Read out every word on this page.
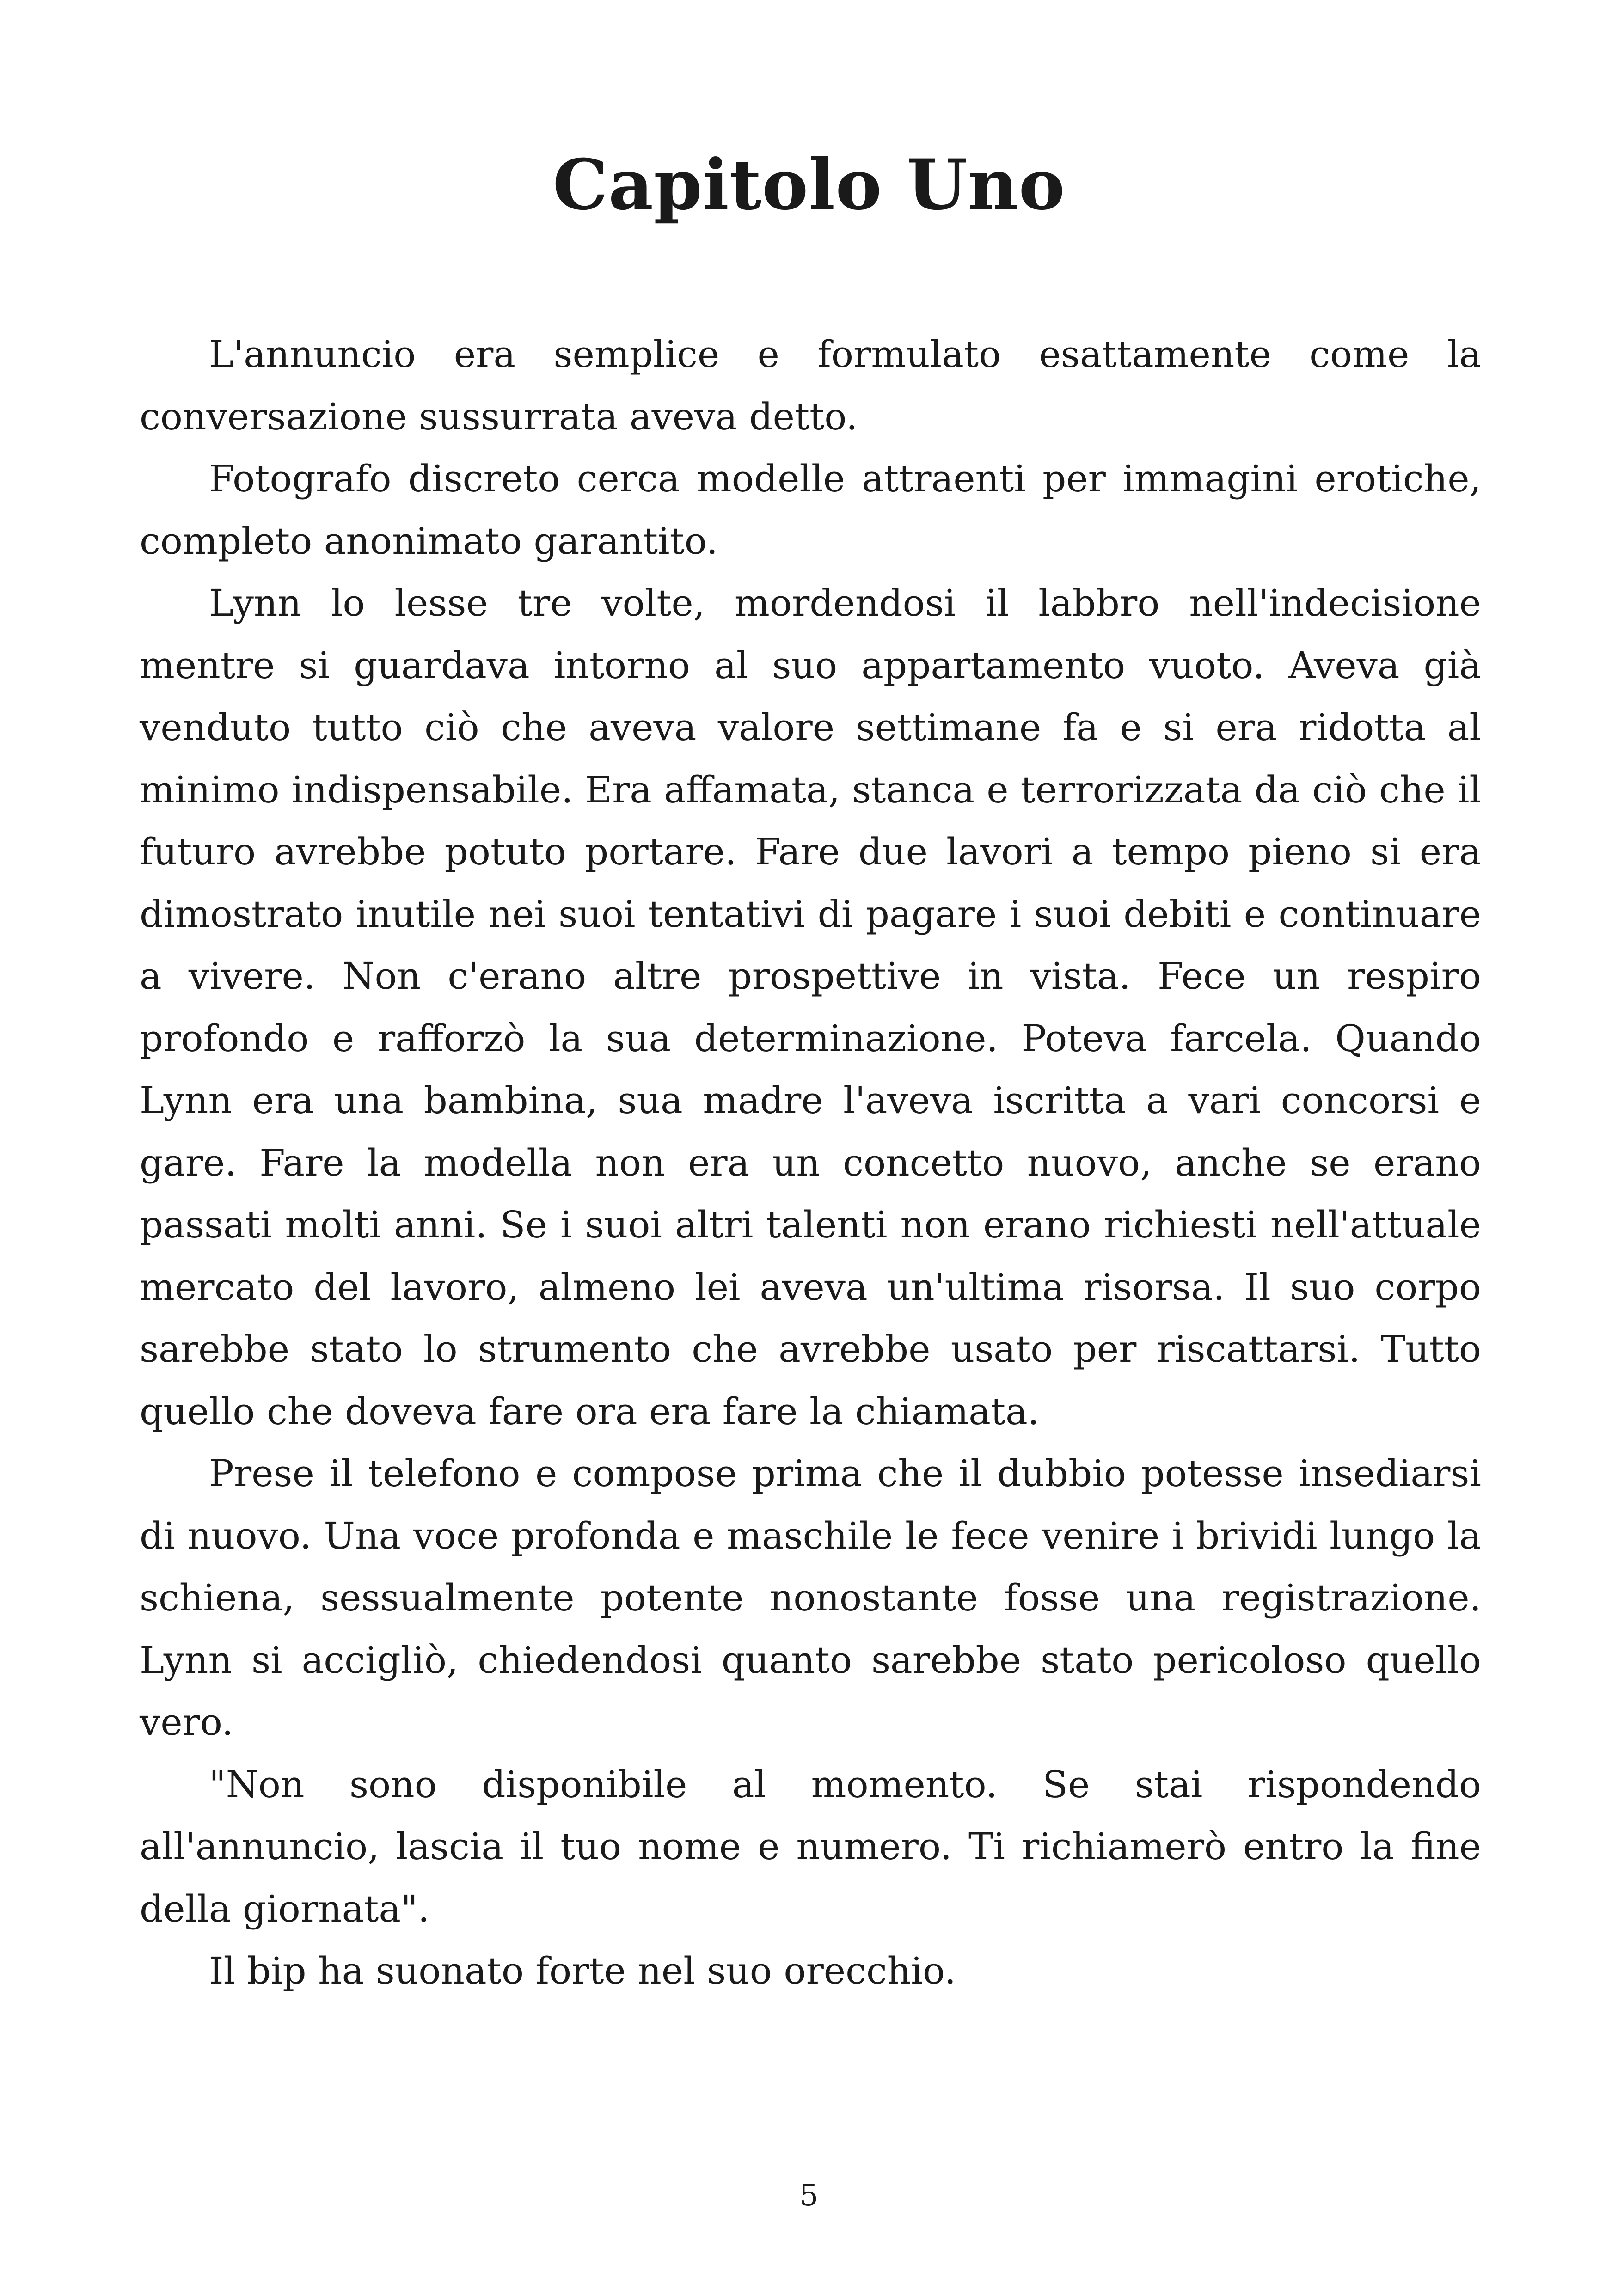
Capitolo Uno

L'annuncio era semplice e formulato esattamente come la conversazione sussurrata aveva detto.

Fotografo discreto cerca modelle attraenti per immagini erotiche, completo anonimato garantito.

Lynn lo lesse tre volte, mordendosi il labbro nell'indecisione mentre si guardava intorno al suo appartamento vuoto. Aveva già venduto tutto ciò che aveva valore settimane fa e si era ridotta al minimo indispensabile. Era affamata, stanca e terrorizzata da ciò che il futuro avrebbe potuto portare. Fare due lavori a tempo pieno si era dimostrato inutile nei suoi tentativi di pagare i suoi debiti e continuare a vivere. Non c'erano altre prospettive in vista. Fece un respiro profondo e rafforzò la sua determinazione. Poteva farcela. Quando Lynn era una bambina, sua madre l'aveva iscritta a vari concorsi e gare. Fare la modella non era un concetto nuovo, anche se erano passati molti anni. Se i suoi altri talenti non erano richiesti nell'attuale mercato del lavoro, almeno lei aveva un'ultima risorsa. Il suo corpo sarebbe stato lo strumento che avrebbe usato per riscattarsi. Tutto quello che doveva fare ora era fare la chiamata.

Prese il telefono e compose prima che il dubbio potesse insediarsi di nuovo. Una voce profonda e maschile le fece venire i brividi lungo la schiena, sessualmente potente nonostante fosse una registrazione. Lynn si accigliò, chiedendosi quanto sarebbe stato pericoloso quello vero.

"Non sono disponibile al momento. Se stai rispondendo all'annuncio, lascia il tuo nome e numero. Ti richiamerò entro la fine della giornata".

Il bip ha suonato forte nel suo orecchio.

5
